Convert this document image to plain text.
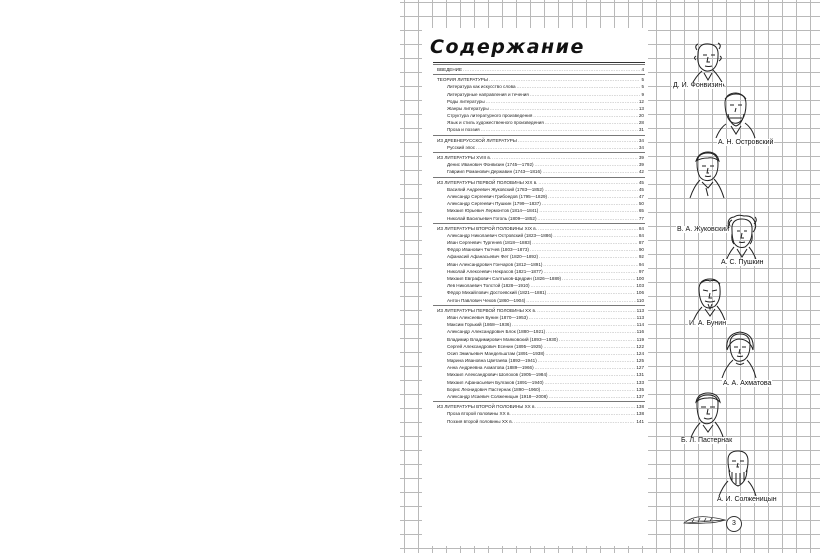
Содержание
ВВЕДЕНИЕ .....	4
ТЕОРИЯ ЛИТЕРАТУРЫ .....	5
Литература как искусство слова .....	5
Литературные направления и течения .....	9
Роды литературы .....	12
Жанры литературы .....	13
Структура литературного произведения .....	20
Язык и стиль художественного произведения .....	28
Проза и поэзия .....	31
ИЗ ДРЕВНЕРУССКОЙ ЛИТЕРАТУРЫ .....	34
Русский эпос .....	34
ИЗ ЛИТЕРАТУРЫ XVIII в. .....	39
Денис Иванович Фонвизин (1745—1792) .....	39
Гавриил Романович Державин (1743—1816) .....	42
ИЗ ЛИТЕРАТУРЫ ПЕРВОЙ ПОЛОВИНЫ XIX в. .....	45
Василий Андреевич Жуковский (1783—1852) .....	45
Александр Сергеевич Грибоедов (1795—1829) .....	47
Александр Сергеевич Пушкин (1799—1837) .....	50
Михаил Юрьевич Лермонтов (1814—1841) .....	65
Николай Васильевич Гоголь (1809—1852) .....	77
ИЗ ЛИТЕРАТУРЫ ВТОРОЙ ПОЛОВИНЫ XIX в. .....	84
Александр Николаевич Островский (1823—1886) .....	84
Иван Сергеевич Тургенев (1818—1883) .....	87
Фёдор Иванович Тютчев (1803—1873) .....	90
Афанасий Афанасьевич Фет (1820—1892) .....	92
Иван Александрович Гончаров (1812—1891) .....	94
Николай Алексеевич Некрасов (1821—1877) .....	97
Михаил Евграфович Салтыков-Щедрин (1826—1889) .....	100
Лев Николаевич Толстой (1828—1910) .....	103
Фёдор Михайлович Достоевский (1821—1881) .....	106
Антон Павлович Чехов (1860—1904) .....	110
ИЗ ЛИТЕРАТУРЫ ПЕРВОЙ ПОЛОВИНЫ XX в. .....	113
Иван Алексеевич Бунин (1870—1953) .....	113
Максим Горький (1868—1936) .....	114
Александр Александрович Блок (1880—1921) .....	116
Владимир Владимирович Маяковский (1893—1930) .....	119
Сергей Александрович Есенин (1895—1925) .....	122
Осип Эмильевич Мандельштам (1891—1938) .....	124
Марина Ивановна Цветаева (1892—1941) .....	125
Анна Андреевна Ахматова (1889—1966) .....	127
Михаил Александрович Шолохов (1905—1984) .....	131
Михаил Афанасьевич Булгаков (1891—1940) .....	133
Борис Леонидович Пастернак (1890—1960) .....	135
Александр Исаевич Солженицын (1918—2008) .....	137
ИЗ ЛИТЕРАТУРЫ ВТОРОЙ ПОЛОВИНЫ XX в. .....	138
Проза второй половины XX в. .....	138
Поэзия второй половины XX в. .....	141
Д. И. Фонвизин
А. Н. Островский
В. А. Жуковский
А. С. Пушкин
И. А. Бунин
А. А. Ахматова
Б. Л. Пастернак
А. И. Солженицын
3
